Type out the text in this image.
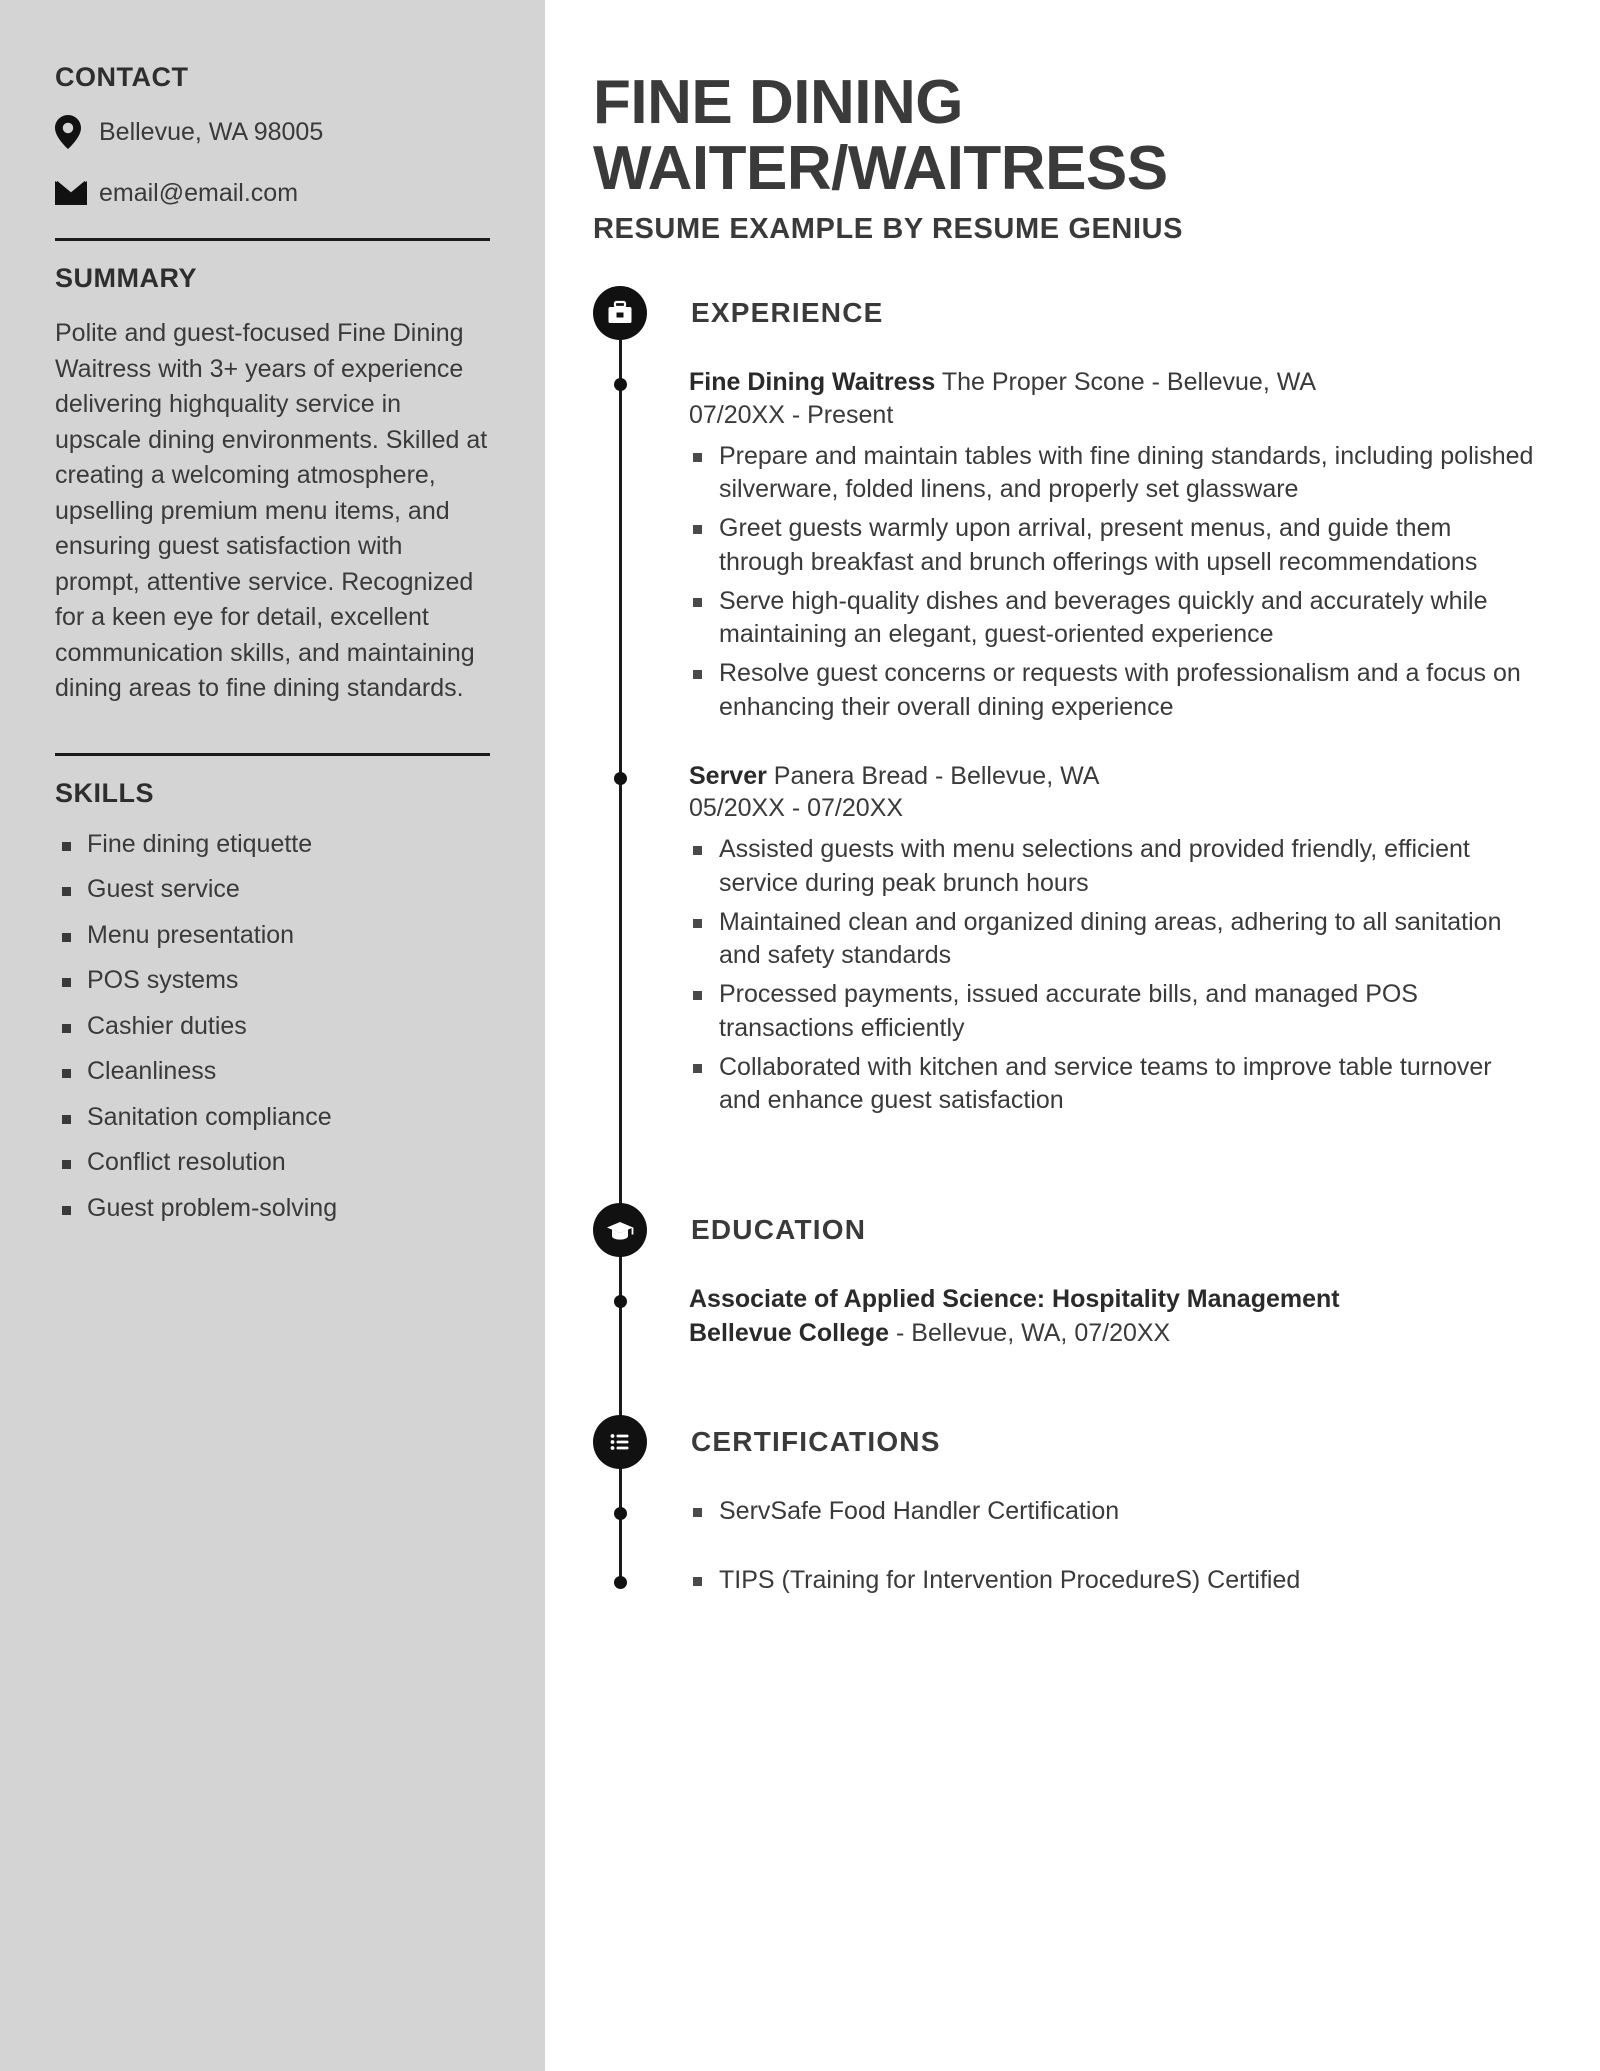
CONTACT
Bellevue, WA 98005
email@email.com
SUMMARY

Polite and guest-focused Fine Dining Waitress with 3+ years of experience delivering highquality service in upscale dining environments. Skilled at creating a welcoming atmosphere, upselling premium menu items, and ensuring guest satisfaction with prompt, attentive service. Recognized for a keen eye for detail, excellent communication skills, and maintaining dining areas to fine dining standards.

SKILLS
Fine dining etiquette
Guest service
Menu presentation
POS systems
Cashier duties
Cleanliness
Sanitation compliance
Conflict resolution
Guest problem-solving
FINE DINING WAITER/WAITRESS
RESUME EXAMPLE BY RESUME GENIUS
EXPERIENCE
Fine Dining Waitress The Proper Scone - Bellevue, WA
07/20XX - Present
Prepare and maintain tables with fine dining standards, including polished silverware, folded linens, and properly set glassware
Greet guests warmly upon arrival, present menus, and guide them through breakfast and brunch offerings with upsell recommendations
Serve high-quality dishes and beverages quickly and accurately while maintaining an elegant, guest-oriented experience
Resolve guest concerns or requests with professionalism and a focus on enhancing their overall dining experience
Server Panera Bread - Bellevue, WA
05/20XX - 07/20XX
Assisted guests with menu selections and provided friendly, efficient service during peak brunch hours
Maintained clean and organized dining areas, adhering to all sanitation and safety standards
Processed payments, issued accurate bills, and managed POS transactions efficiently
Collaborated with kitchen and service teams to improve table turnover and enhance guest satisfaction
EDUCATION
Associate of Applied Science: Hospitality Management
Bellevue College - Bellevue, WA, 07/20XX
CERTIFICATIONS
ServSafe Food Handler Certification
TIPS (Training for Intervention ProcedureS) Certified
